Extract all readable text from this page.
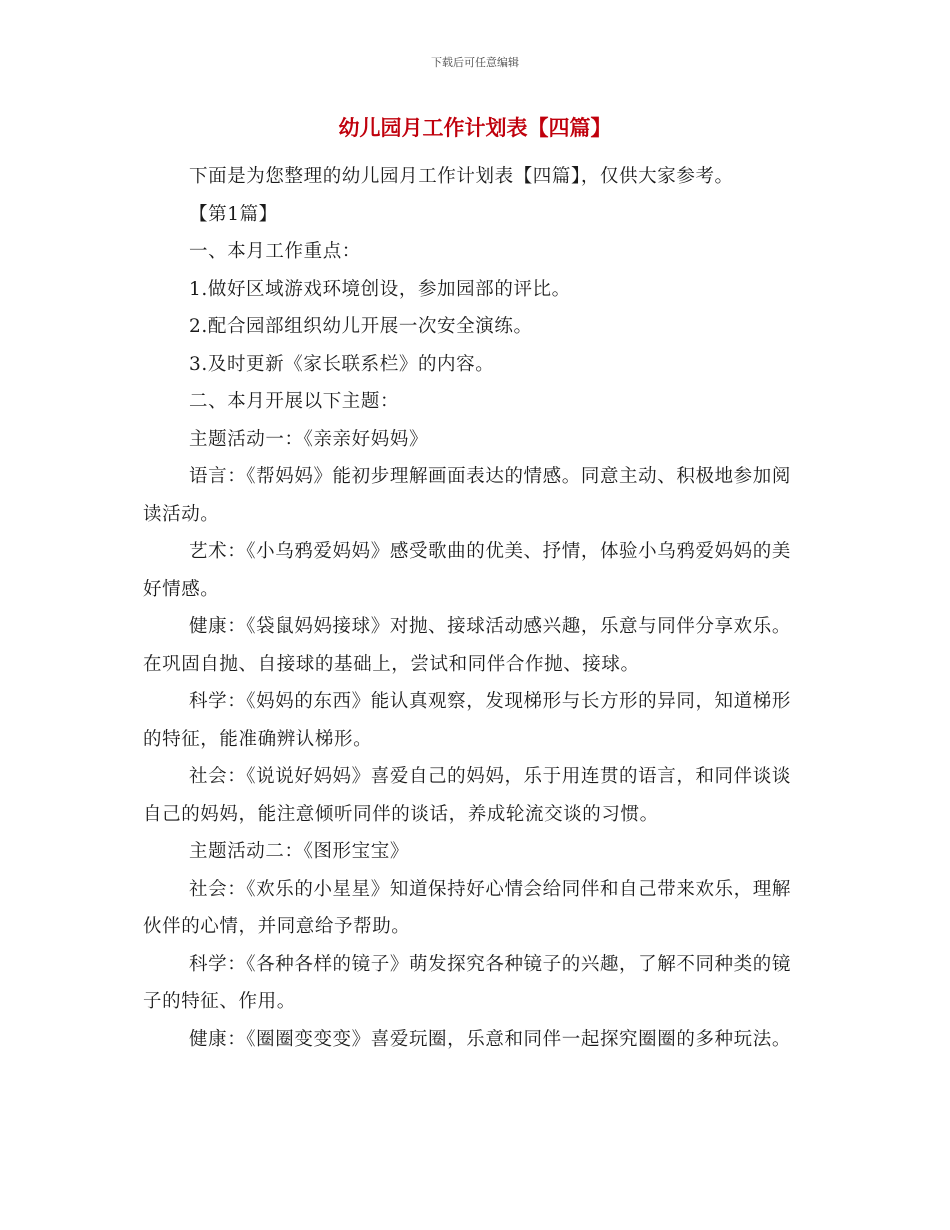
下载后可任意编辑
幼儿园月工作计划表【四篇】

下面是为您整理的幼儿园月工作计划表【四篇】，仅供大家参考。

【第1篇】

一、本月工作重点：

1.做好区域游戏环境创设，参加园部的评比。

2.配合园部组织幼儿开展一次安全演练。

3.及时更新《家长联系栏》的内容。

二、本月开展以下主题：

主题活动一：《亲亲好妈妈》

语言：《帮妈妈》能初步理解画面表达的情感。同意主动、积极地参加阅读活动。

艺术：《小乌鸦爱妈妈》感受歌曲的优美、抒情，体验小乌鸦爱妈妈的美好情感。

健康：《袋鼠妈妈接球》对抛、接球活动感兴趣，乐意与同伴分享欢乐。在巩固自抛、自接球的基础上，尝试和同伴合作抛、接球。

科学：《妈妈的东西》能认真观察，发现梯形与长方形的异同，知道梯形的特征，能准确辨认梯形。

社会：《说说好妈妈》喜爱自己的妈妈，乐于用连贯的语言，和同伴谈谈自己的妈妈，能注意倾听同伴的谈话，养成轮流交谈的习惯。

主题活动二：《图形宝宝》

社会：《欢乐的小星星》知道保持好心情会给同伴和自己带来欢乐，理解伙伴的心情，并同意给予帮助。

科学：《各种各样的镜子》萌发探究各种镜子的兴趣，了解不同种类的镜子的特征、作用。

健康：《圈圈变变变》喜爱玩圈，乐意和同伴一起探究圈圈的多种玩法。
